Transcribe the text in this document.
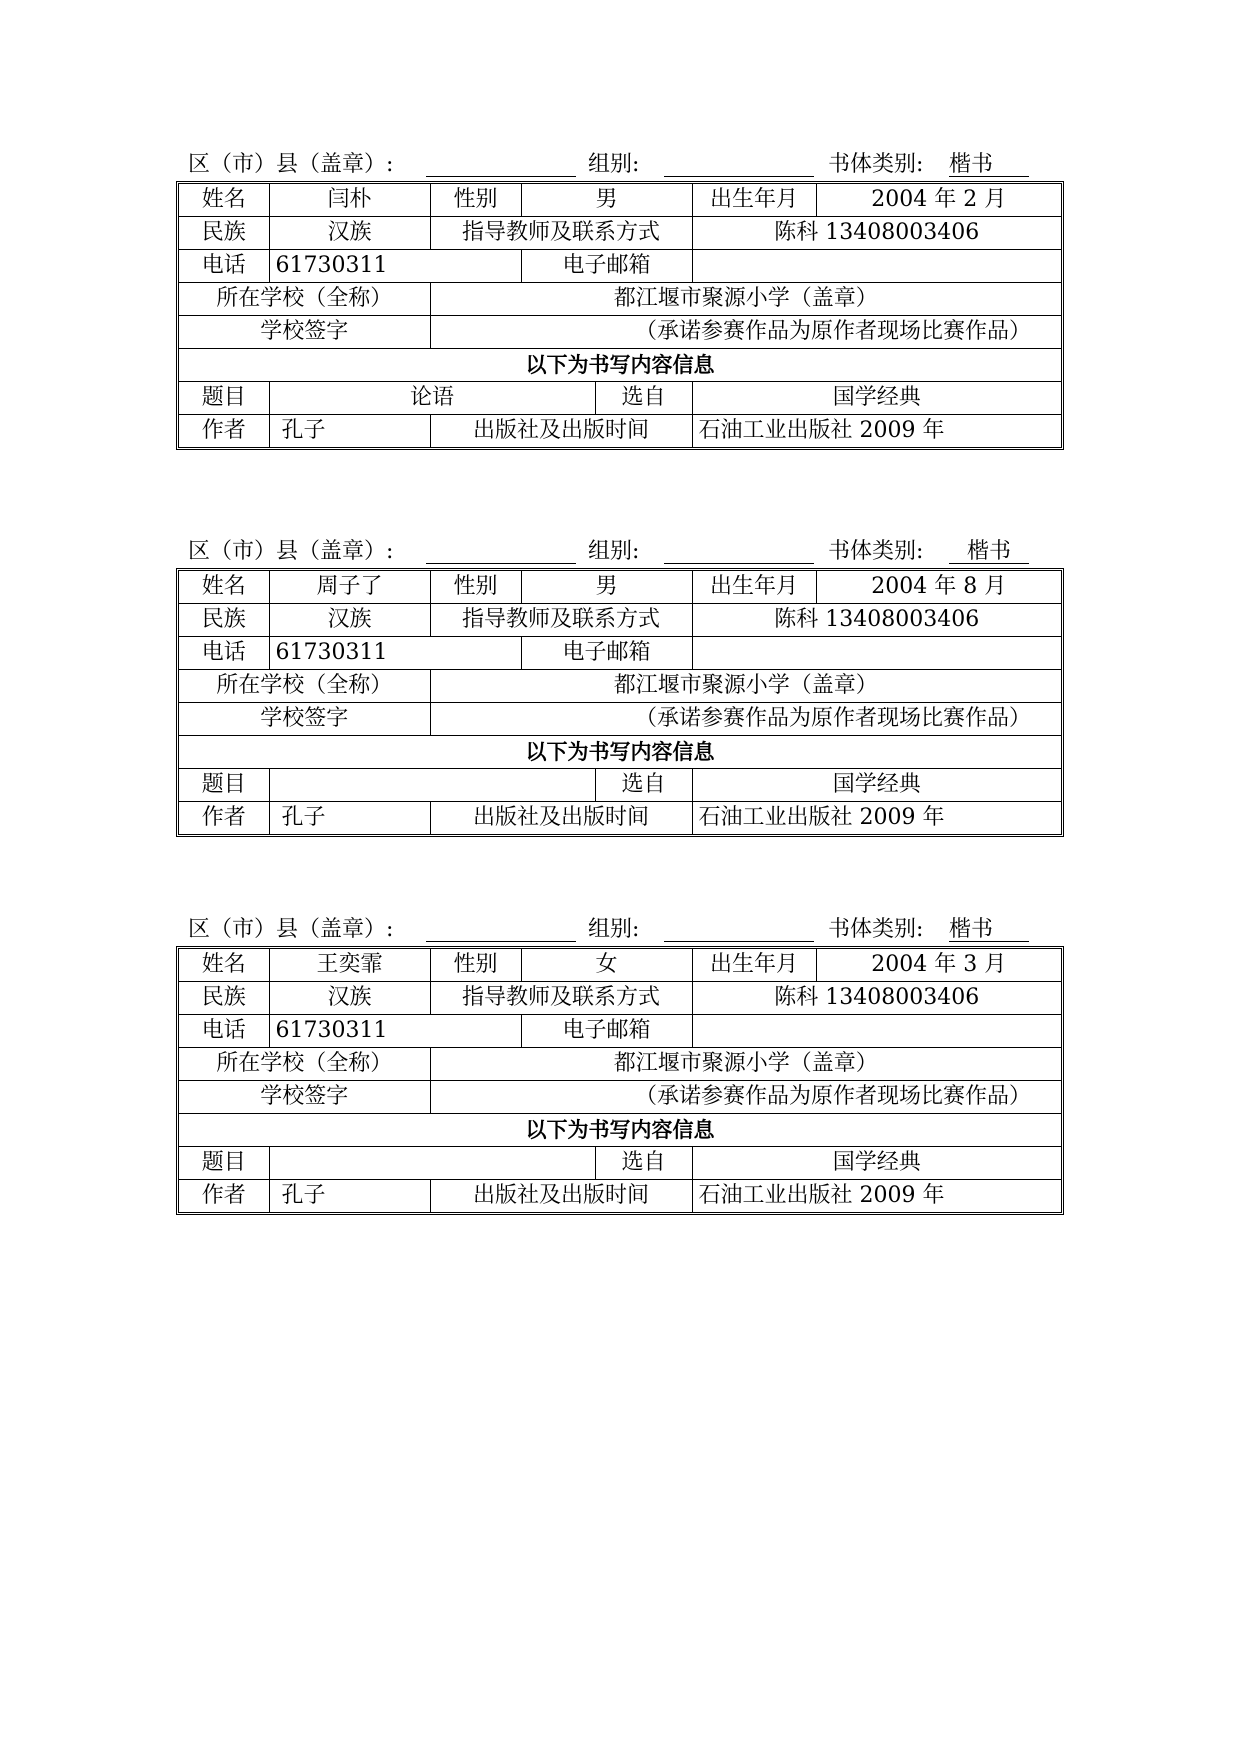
区（市）县（盖章）:	组别:	书体类别: 楷书
姓名	闫朴	性别	男		出生年月	2004 年 2 月
民族	汉族	指导教师及联系方式			陈科 13408003406	
电话	61730311		电子邮箱			
所在学校（全称）		都江堰市聚源小学（盖章）				
学校签字		（承诺参赛作品为原作者现场比赛作品）				
以下为书写内容信息						
题目	论语			选自	国学经典	
作者	孔子	出版社及出版时间			石油工业出版社 2009 年	
区（市）县（盖章）:	组别:	书体类别:	楷书
姓名	周子了	性别	男		出生年月	2004 年 8 月
民族	汉族	指导教师及联系方式			陈科 13408003406	
电话	61730311		电子邮箱			
所在学校（全称）		都江堰市聚源小学（盖章）				
学校签字		（承诺参赛作品为原作者现场比赛作品）				
以下为书写内容信息						
题目				选自	国学经典	
作者	孔子	出版社及出版时间			石油工业出版社 2009 年	
区（市）县（盖章）:	组别:	书体类别: 楷书
姓名	王奕霏	性别	女		出生年月	2004 年 3 月
民族	汉族	指导教师及联系方式			陈科 13408003406	
电话	61730311		电子邮箱			
所在学校（全称）		都江堰市聚源小学（盖章）				
学校签字		（承诺参赛作品为原作者现场比赛作品）				
以下为书写内容信息						
题目				选自	国学经典	
作者	孔子	出版社及出版时间			石油工业出版社 2009 年	
